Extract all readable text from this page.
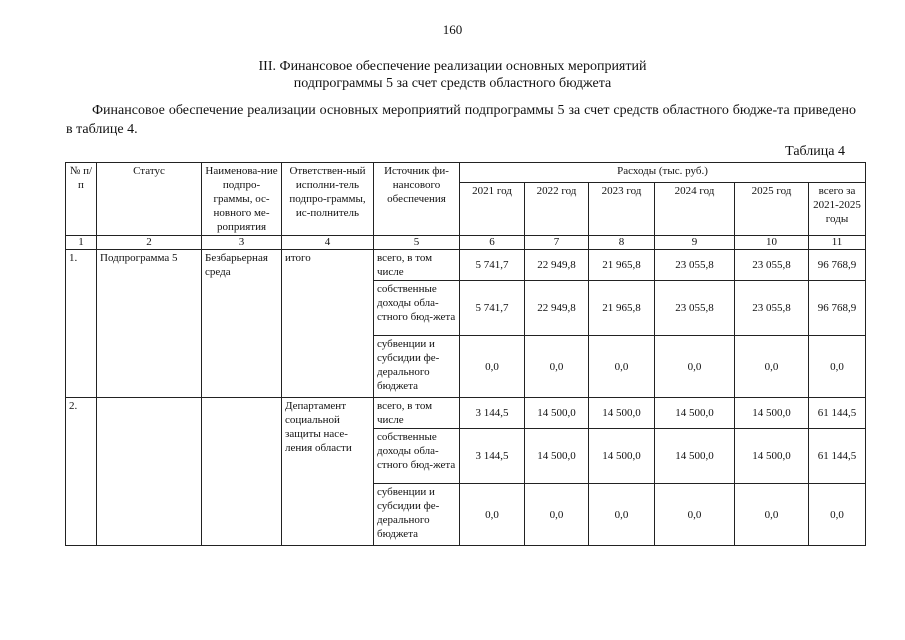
160
III. Финансовое обеспечение реализации основных мероприятий
подпрограммы 5 за счет средств областного бюджета
Финансовое обеспечение реализации основных мероприятий подпрограммы 5 за счет средств областного бюдже-та приведено в таблице 4.
Таблица 4
№ п/п	Статус	Наименова-ние подпро-граммы, ос-новного ме-роприятия	Ответствен-ный исполни-тель подпро-граммы, ис-полнитель	Источник фи-нансового обеспечения	Расходы (тыс. руб.)					
					2021 год	2022 год	2023 год	2024 год	2025 год	всего за 2021-2025 годы
1	2	3	4	5	6	7	8	9	10	11
1.	Подпрограмма 5	Безбарьерная среда	итого	всего, в том числе	5 741,7	22 949,8	21 965,8	23 055,8	23 055,8	96 768,9
				собственные доходы обла-стного бюд-жета	5 741,7	22 949,8	21 965,8	23 055,8	23 055,8	96 768,9
				субвенции и субсидии фе-дерального бюджета	0,0	0,0	0,0	0,0	0,0	0,0
2.			Департамент социальной защиты насе-ления области	всего, в том числе	3 144,5	14 500,0	14 500,0	14 500,0	14 500,0	61 144,5
				собственные доходы обла-стного бюд-жета	3 144,5	14 500,0	14 500,0	14 500,0	14 500,0	61 144,5
				субвенции и субсидии фе-дерального бюджета	0,0	0,0	0,0	0,0	0,0	0,0
